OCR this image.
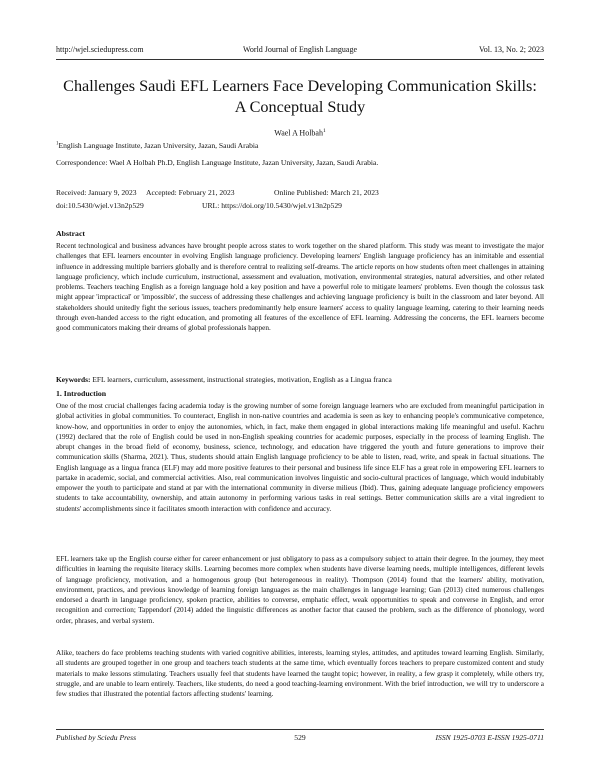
http://wjel.sciedupress.com	World Journal of English Language	Vol. 13, No. 2; 2023
Challenges Saudi EFL Learners Face Developing Communication Skills: A Conceptual Study
Wael A Holbah$^1$
$^1$English Language Institute, Jazan University, Jazan, Saudi Arabia
Correspondence: Wael A Holbah Ph.D, English Language Institute, Jazan University, Jazan, Saudi Arabia.
Received: January 9, 2023 Accepted: February 21, 2023	Online Published: March 21, 2023
doi:10.5430/wjel.v13n2p529	URL: https://doi.org/10.5430/wjel.v13n2p529
Abstract

Recent technological and business advances have brought people across states to work together on the shared platform. This study was meant to investigate the major challenges that EFL learners encounter in evolving English language proficiency. Developing learners' English language proficiency has an inimitable and essential influence in addressing multiple barriers globally and is therefore central to realizing self-dreams. The article reports on how students often meet challenges in attaining language proficiency, which include curriculum, instructional, assessment and evaluation, motivation, environmental strategies, natural adversities, and other related problems. Teachers teaching English as a foreign language hold a key position and have a powerful role to mitigate learners' problems. Even though the colossus task might appear 'impractical' or 'impossible', the success of addressing these challenges and achieving language proficiency is built in the classroom and later beyond. All stakeholders should unitedly fight the serious issues, teachers predominantly help ensure learners' access to quality language learning, catering to their learning needs through even-handed access to the right education, and promoting all features of the excellence of EFL learning. Addressing the concerns, the EFL learners become good communicators making their dreams of global professionals happen.

Keywords: EFL learners, curriculum, assessment, instructional strategies, motivation, English as a Lingua franca
1. Introduction

One of the most crucial challenges facing academia today is the growing number of some foreign language learners who are excluded from meaningful participation in global activities in global communities. To counteract, English in non-native countries and academia is seen as key to enhancing people's communicative competence, know-how, and opportunities in order to enjoy the autonomies, which, in fact, make them engaged in global interactions making life meaningful and useful. Kachru (1992) declared that the role of English could be used in non-English speaking countries for academic purposes, especially in the process of learning English. The abrupt changes in the broad field of economy, business, science, technology, and education have triggered the youth and future generations to improve their communication skills (Sharma, 2021). Thus, students should attain English language proficiency to be able to listen, read, write, and speak in factual situations. The English language as a lingua franca (ELF) may add more positive features to their personal and business life since ELF has a great role in empowering EFL learners to partake in academic, social, and commercial activities. Also, real communication involves linguistic and socio-cultural practices of language, which would indubitably empower the youth to participate and stand at par with the international community in diverse milieus (Ibid). Thus, gaining adequate language proficiency empowers students to take accountability, ownership, and attain autonomy in performing various tasks in real settings. Better communication skills are a vital ingredient to students' accomplishments since it facilitates smooth interaction with confidence and accuracy.

EFL learners take up the English course either for career enhancement or just obligatory to pass as a compulsory subject to attain their degree. In the journey, they meet difficulties in learning the requisite literacy skills. Learning becomes more complex when students have diverse learning needs, multiple intelligences, different levels of language proficiency, motivation, and a homogenous group (but heterogeneous in reality). Thompson (2014) found that the learners' ability, motivation, environment, practices, and previous knowledge of learning foreign languages as the main challenges in language learning; Gan (2013) cited numerous challenges endorsed a dearth in language proficiency, spoken practice, abilities to converse, emphatic effect, weak opportunities to speak and converse in English, and error recognition and correction; Tappendorf (2014) added the linguistic differences as another factor that caused the problem, such as the difference of phonology, word order, phrases, and verbal system.

Alike, teachers do face problems teaching students with varied cognitive abilities, interests, learning styles, attitudes, and aptitudes toward learning English. Similarly, all students are grouped together in one group and teachers teach students at the same time, which eventually forces teachers to prepare customized content and study materials to make lessons stimulating. Teachers usually feel that students have learned the taught topic; however, in reality, a few grasp it completely, while others try, struggle, and are unable to learn entirely. Teachers, like students, do need a good teaching-learning environment. With the brief introduction, we will try to underscore a few studies that illustrated the potential factors affecting students' learning.

Published by Sciedu Press	529	ISSN 1925-0703 E-ISSN 1925-0711
